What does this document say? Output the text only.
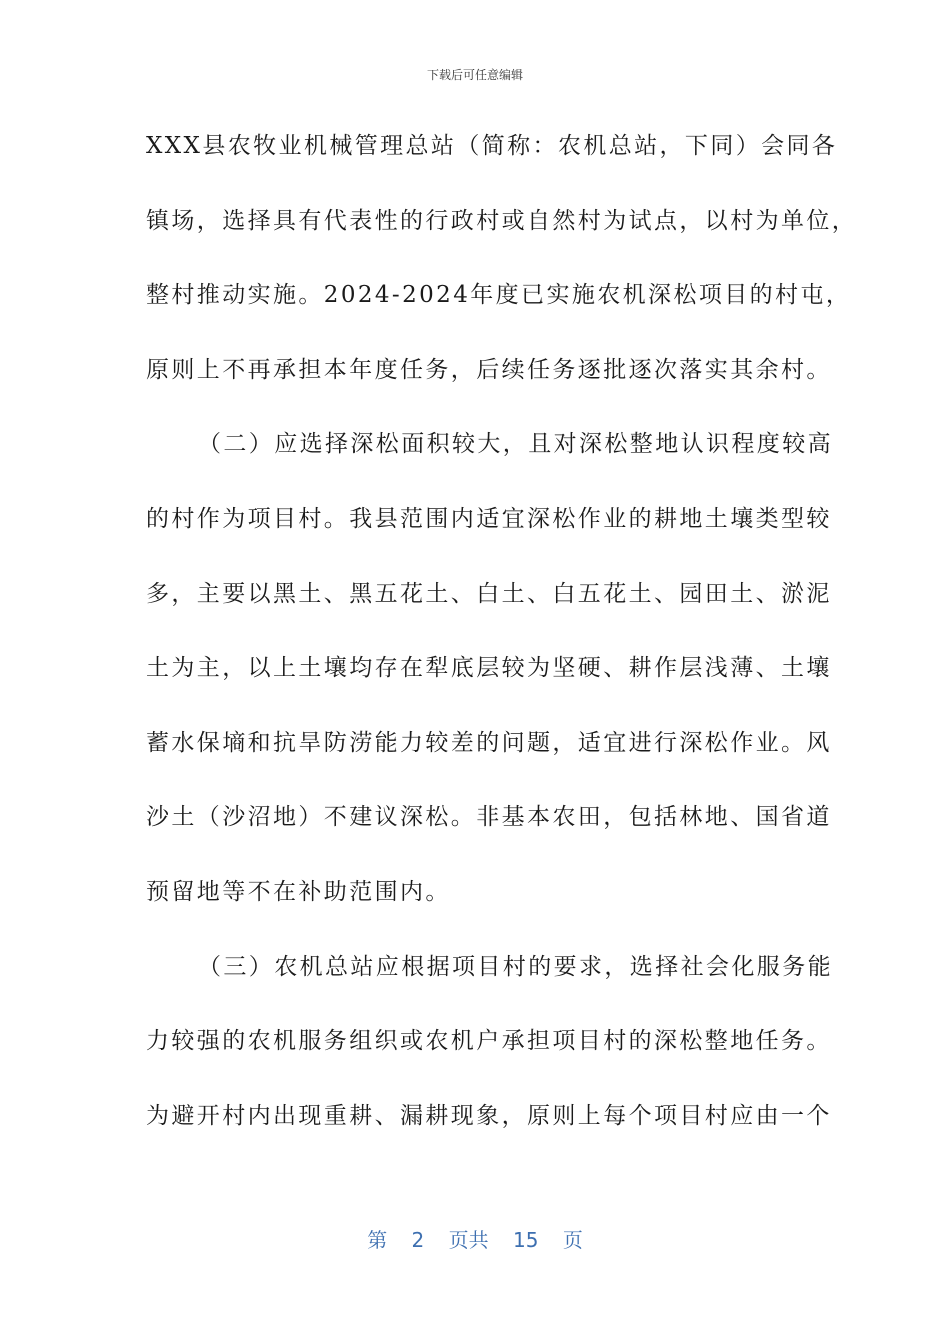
下载后可任意编辑
XXX县农牧业机械管理总站（简称：农机总站，下同）会同各
镇场，选择具有代表性的行政村或自然村为试点，以村为单位，
整村推动实施。2024-2024年度已实施农机深松项目的村屯，
原则上不再承担本年度任务，后续任务逐批逐次落实其余村。
（二）应选择深松面积较大，且对深松整地认识程度较高
的村作为项目村。我县范围内适宜深松作业的耕地土壤类型较
多，主要以黑土、黑五花土、白土、白五花土、园田土、淤泥
土为主，以上土壤均存在犁底层较为坚硬、耕作层浅薄、土壤
蓄水保墒和抗旱防涝能力较差的问题，适宜进行深松作业。风
沙土（沙沼地）不建议深松。非基本农田，包括林地、国省道
预留地等不在补助范围内。
（三）农机总站应根据项目村的要求，选择社会化服务能
力较强的农机服务组织或农机户承担项目村的深松整地任务。
为避开村内出现重耕、漏耕现象，原则上每个项目村应由一个
第 2 页共 15 页
